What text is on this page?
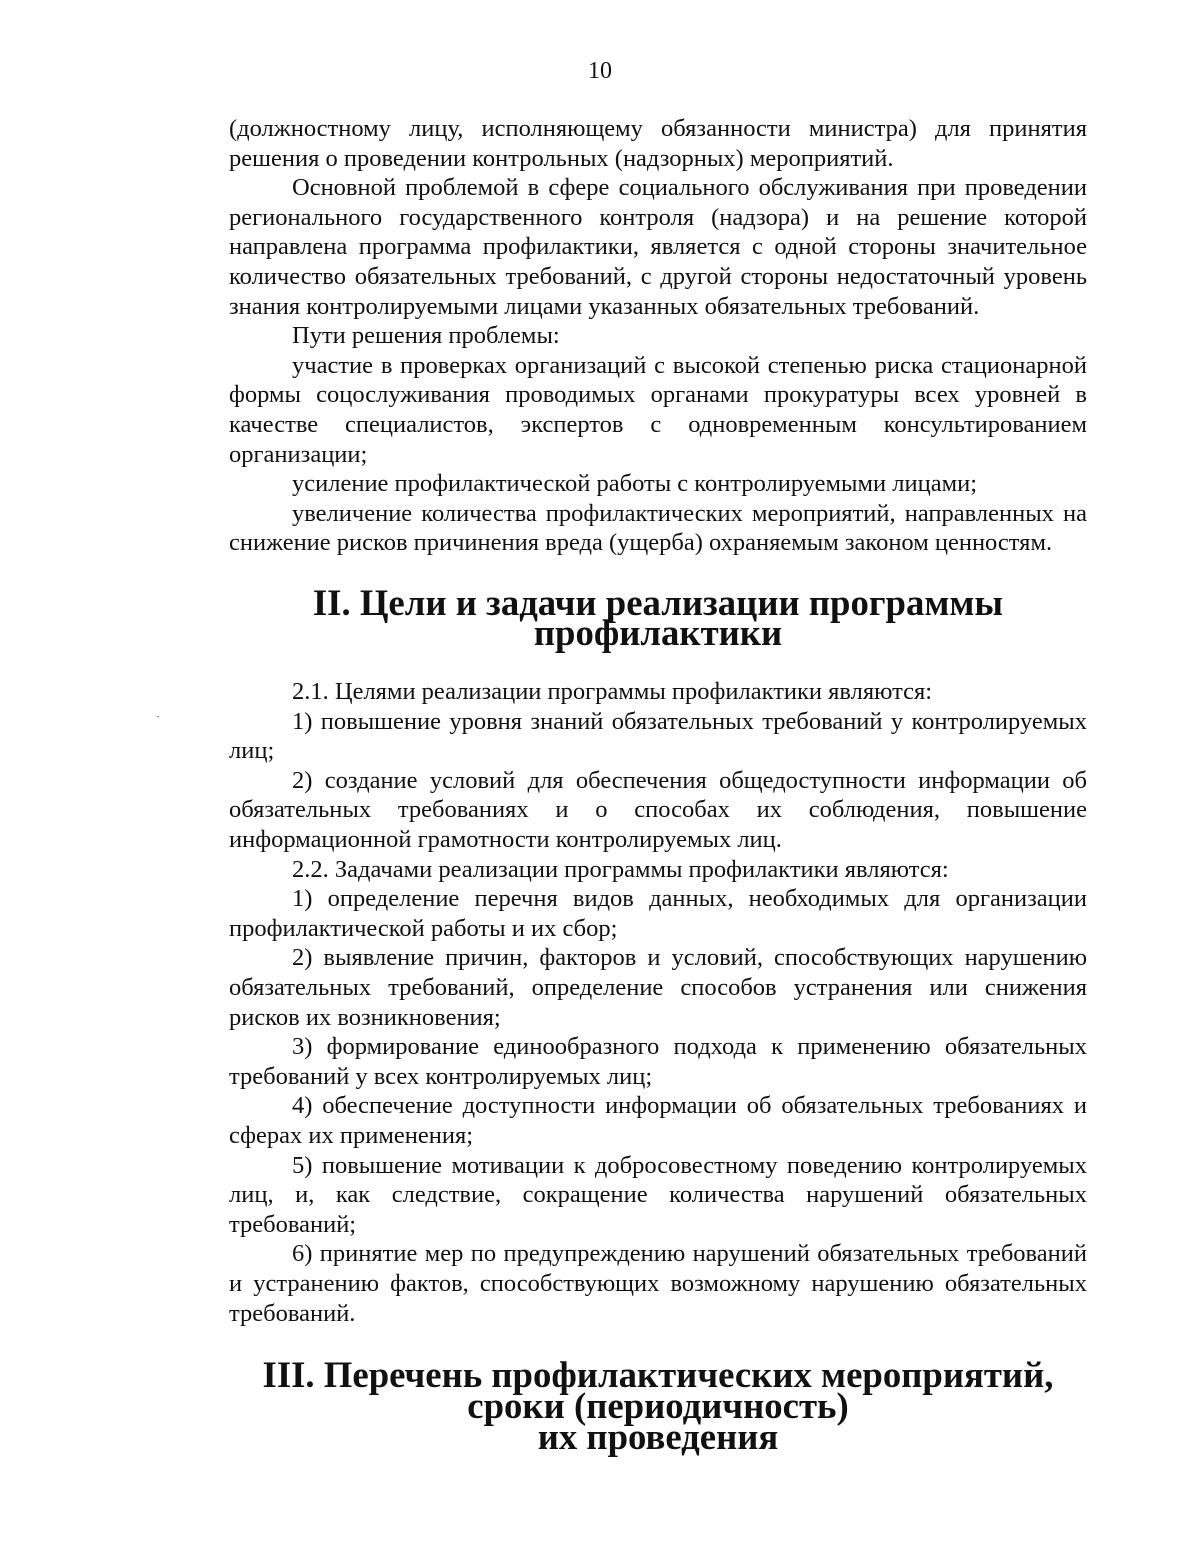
10

(должностному лицу, исполняющему обязанности министра) для принятия решения о проведении контрольных (надзорных) мероприятий.

Основной проблемой в сфере социального обслуживания при проведении регионального государственного контроля (надзора) и на решение которой направлена программа профилактики, является с одной стороны значительное количество обязательных требований, с другой стороны недостаточный уровень знания контролируемыми лицами указанных обязательных требований.

Пути решения проблемы:

участие в проверках организаций с высокой степенью риска стационарной формы соцослуживания проводимых органами прокуратуры всех уровней в качестве специалистов, экспертов с одновременным консультированием организации;

усиление профилактической работы с контролируемыми лицами;

увеличение количества профилактических мероприятий, направленных на снижение рисков причинения вреда (ущерба) охраняемым законом ценностям.

II. Цели и задачи реализации программы профилактики

2.1. Целями реализации программы профилактики являются:

1) повышение уровня знаний обязательных требований у контролируемых лиц;

2) создание условий для обеспечения общедоступности информации об обязательных требованиях и о способах их соблюдения, повышение информационной грамотности контролируемых лиц.

2.2. Задачами реализации программы профилактики являются:

1) определение перечня видов данных, необходимых для организации профилактической работы и их сбор;

2) выявление причин, факторов и условий, способствующих нарушению обязательных требований, определение способов устранения или снижения рисков их возникновения;

3) формирование единообразного подхода к применению обязательных требований у всех контролируемых лиц;

4) обеспечение доступности информации об обязательных требованиях и сферах их применения;

5) повышение мотивации к добросовестному поведению контролируемых лиц, и, как следствие, сокращение количества нарушений обязательных требований;

6) принятие мер по предупреждению нарушений обязательных требований и устранению фактов, способствующих возможному нарушению обязательных требований.

III. Перечень профилактических мероприятий, сроки (периодичность)
их проведения
